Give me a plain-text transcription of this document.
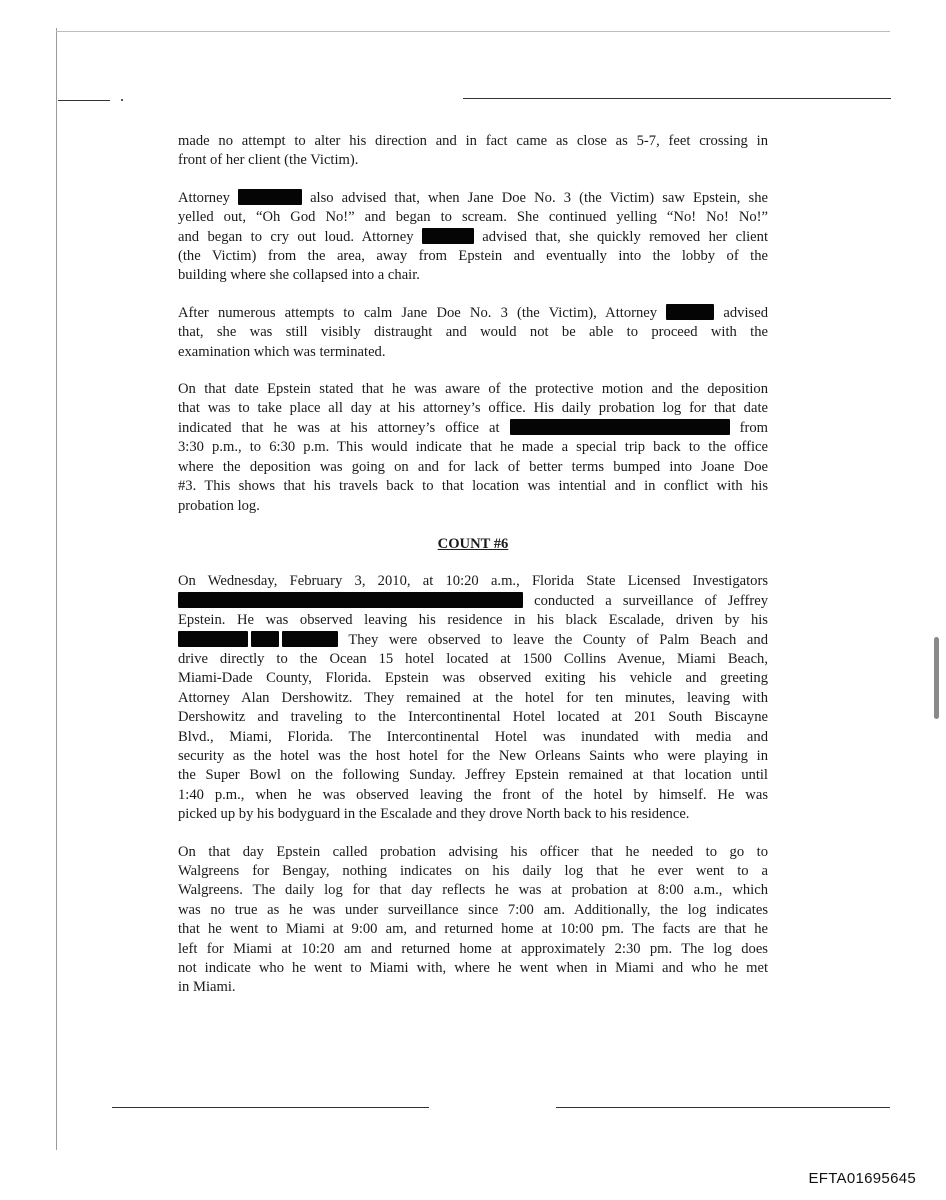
made no attempt to alter his direction and in fact came as close as 5-7, feet crossing in
front of her client (the Victim).
Attorney	also advised that, when Jane Doe No. 3 (the Victim) saw Epstein, she
yelled out, “Oh God No!” and began to scream. She continued yelling “No! No! No!”
and began to cry out loud. Attorney	advised that, she quickly removed her client
(the Victim) from the area, away from Epstein and eventually into the lobby of the
building where she collapsed into a chair.
After numerous attempts to calm Jane Doe No. 3 (the Victim), Attorney	advised
that, she was still visibly distraught and would not be able to proceed with the
examination which was terminated.
On that date Epstein stated that he was aware of the protective motion and the deposition
that was to take place all day at his attorney’s office. His daily probation log for that date
indicated that he was at his attorney’s office at	from
3:30 p.m., to 6:30 p.m. This would indicate that he made a special trip back to the office
where the deposition was going on and for lack of better terms bumped into Joane Doe
#3. This shows that his travels back to that location was intential and in conflict with his
probation log.
COUNT #6
On Wednesday, February 3, 2010, at 10:20 a.m., Florida State Licensed Investigators
conducted a surveillance of Jeffrey
Epstein. He was observed leaving his residence in his black Escalade, driven by his
They were observed to leave the County of Palm Beach and
drive directly to the Ocean 15 hotel located at 1500 Collins Avenue, Miami Beach,
Miami-Dade County, Florida. Epstein was observed exiting his vehicle and greeting
Attorney Alan Dershowitz. They remained at the hotel for ten minutes, leaving with
Dershowitz and traveling to the Intercontinental Hotel located at 201 South Biscayne
Blvd., Miami, Florida. The Intercontinental Hotel was inundated with media and
security as the hotel was the host hotel for the New Orleans Saints who were playing in
the Super Bowl on the following Sunday. Jeffrey Epstein remained at that location until
1:40 p.m., when he was observed leaving the front of the hotel by himself. He was
picked up by his bodyguard in the Escalade and they drove North back to his residence.
On that day Epstein called probation advising his officer that he needed to go to
Walgreens for Bengay, nothing indicates on his daily log that he ever went to a
Walgreens. The daily log for that day reflects he was at probation at 8:00 a.m., which
was no true as he was under surveillance since 7:00 am. Additionally, the log indicates
that he went to Miami at 9:00 am, and returned home at 10:00 pm. The facts are that he
left for Miami at 10:20 am and returned home at approximately 2:30 pm. The log does
not indicate who he went to Miami with, where he went when in Miami and who he met
in Miami.
EFTA01695645
